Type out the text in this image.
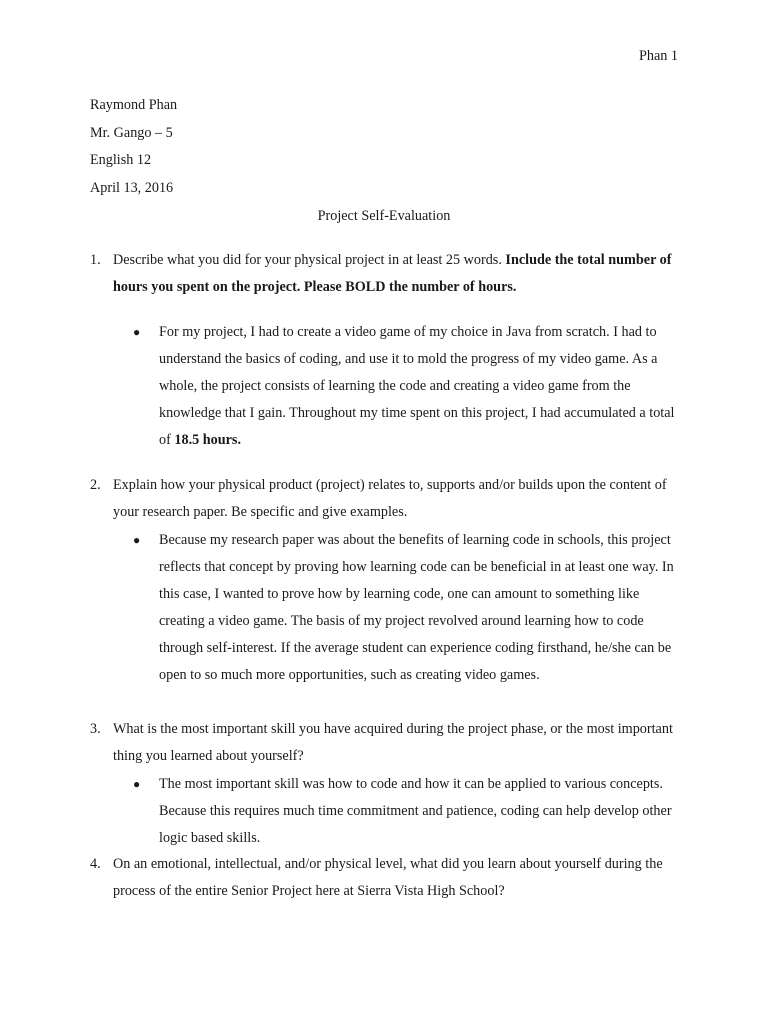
Phan 1
Raymond Phan
Mr. Gango – 5
English 12
April 13, 2016
Project Self-Evaluation
1. Describe what you did for your physical project in at least 25 words. Include the total number of hours you spent on the project. Please BOLD the number of hours.
● For my project, I had to create a video game of my choice in Java from scratch. I had to understand the basics of coding, and use it to mold the progress of my video game. As a whole, the project consists of learning the code and creating a video game from the knowledge that I gain. Throughout my time spent on this project, I had accumulated a total of 18.5 hours.
2. Explain how your physical product (project) relates to, supports and/or builds upon the content of your research paper. Be specific and give examples.
● Because my research paper was about the benefits of learning code in schools, this project reflects that concept by proving how learning code can be beneficial in at least one way. In this case, I wanted to prove how by learning code, one can amount to something like creating a video game. The basis of my project revolved around learning how to code through self-interest. If the average student can experience coding firsthand, he/she can be open to so much more opportunities, such as creating video games.
3. What is the most important skill you have acquired during the project phase, or the most important thing you learned about yourself?
● The most important skill was how to code and how it can be applied to various concepts. Because this requires much time commitment and patience, coding can help develop other logic based skills.
4. On an emotional, intellectual, and/or physical level, what did you learn about yourself during the process of the entire Senior Project here at Sierra Vista High School?
